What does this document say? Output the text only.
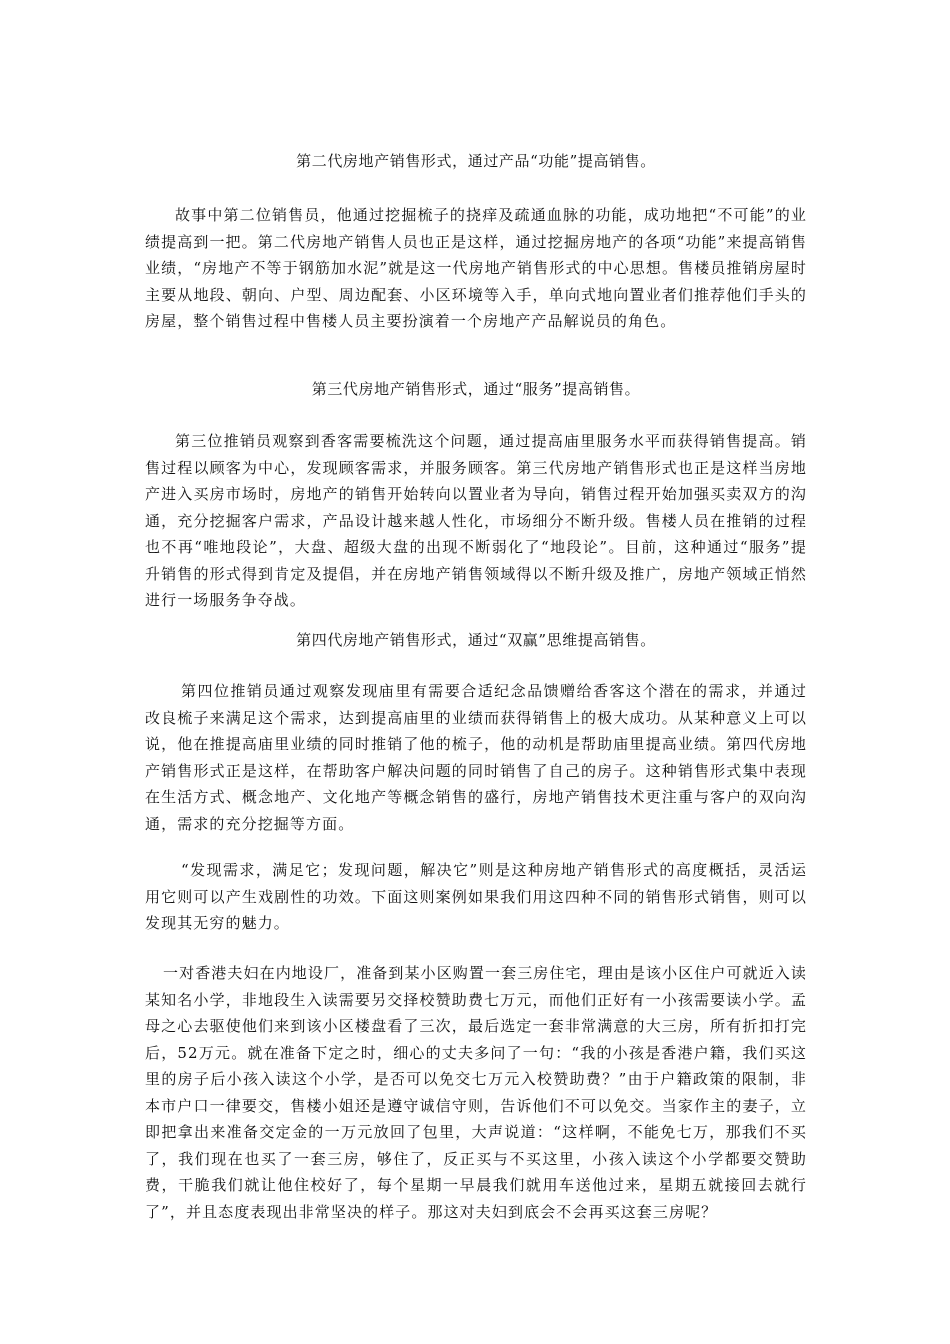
第二代房地产销售形式，通过产品“功能”提高销售。

故事中第二位销售员，他通过挖掘梳子的挠痒及疏通血脉的功能，成功地把“不可能”的业绩提高到一把。第二代房地产销售人员也正是这样，通过挖掘房地产的各项“功能”来提高销售业绩，“房地产不等于钢筋加水泥”就是这一代房地产销售形式的中心思想。售楼员推销房屋时主要从地段、朝向、户型、周边配套、小区环境等入手，单向式地向置业者们推荐他们手头的房屋，整个销售过程中售楼人员主要扮演着一个房地产产品解说员的角色。

第三代房地产销售形式，通过“服务”提高销售。

第三位推销员观察到香客需要梳洗这个问题，通过提高庙里服务水平而获得销售提高。销售过程以顾客为中心，发现顾客需求，并服务顾客。第三代房地产销售形式也正是这样当房地产进入买房市场时，房地产的销售开始转向以置业者为导向，销售过程开始加强买卖双方的沟通，充分挖掘客户需求，产品设计越来越人性化，市场细分不断升级。售楼人员在推销的过程也不再“唯地段论”，大盘、超级大盘的出现不断弱化了“地段论”。目前，这种通过“服务”提升销售的形式得到肯定及提倡，并在房地产销售领域得以不断升级及推广，房地产领域正悄然进行一场服务争夺战。

第四代房地产销售形式，通过“双赢”思维提高销售。

第四位推销员通过观察发现庙里有需要合适纪念品馈赠给香客这个潜在的需求，并通过改良梳子来满足这个需求，达到提高庙里的业绩而获得销售上的极大成功。从某种意义上可以说，他在推提高庙里业绩的同时推销了他的梳子，他的动机是帮助庙里提高业绩。第四代房地产销售形式正是这样，在帮助客户解决问题的同时销售了自己的房子。这种销售形式集中表现在生活方式、概念地产、文化地产等概念销售的盛行，房地产销售技术更注重与客户的双向沟通，需求的充分挖掘等方面。

“发现需求，满足它；发现问题，解决它”则是这种房地产销售形式的高度概括，灵活运用它则可以产生戏剧性的功效。下面这则案例如果我们用这四种不同的销售形式销售，则可以发现其无穷的魅力。

一对香港夫妇在内地设厂，准备到某小区购置一套三房住宅，理由是该小区住户可就近入读某知名小学，非地段生入读需要另交择校赞助费七万元，而他们正好有一小孩需要读小学。孟母之心去驱使他们来到该小区楼盘看了三次，最后选定一套非常满意的大三房，所有折扣打完后，52万元。就在准备下定之时，细心的丈夫多问了一句：“我的小孩是香港户籍，我们买这里的房子后小孩入读这个小学，是否可以免交七万元入校赞助费？”由于户籍政策的限制，非本市户口一律要交，售楼小姐还是遵守诚信守则，告诉他们不可以免交。当家作主的妻子，立即把拿出来准备交定金的一万元放回了包里，大声说道：“这样啊，不能免七万，那我们不买了，我们现在也买了一套三房，够住了，反正买与不买这里，小孩入读这个小学都要交赞助费，干脆我们就让他住校好了，每个星期一早晨我们就用车送他过来，星期五就接回去就行了”，并且态度表现出非常坚决的样子。那这对夫妇到底会不会再买这套三房呢？
